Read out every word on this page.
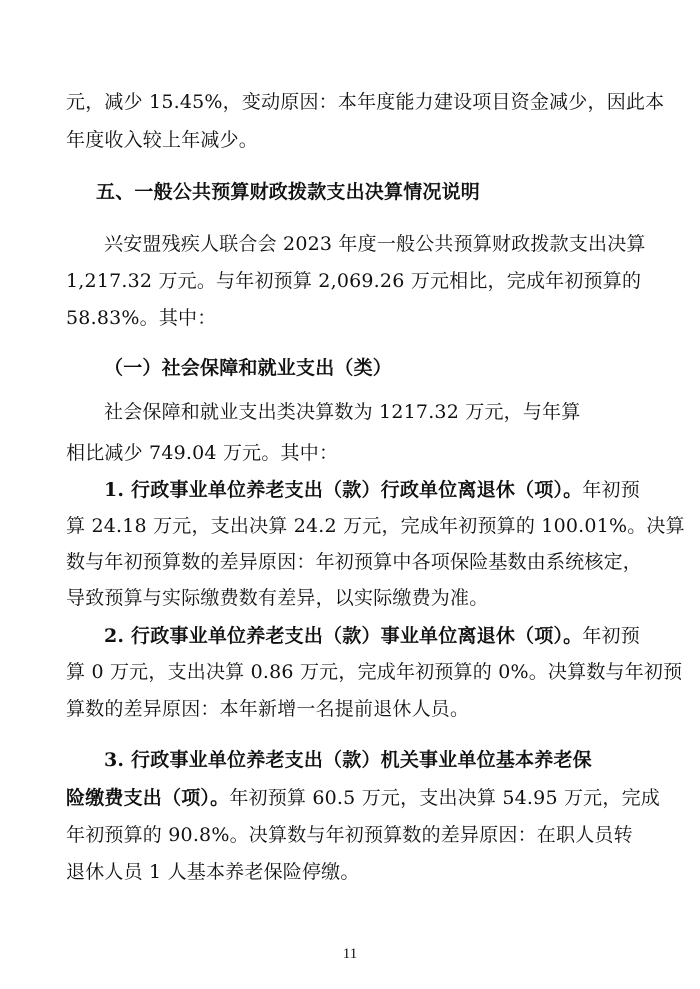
元，减少 15.45%，变动原因：本年度能力建设项目资金减少，因此本
年度收入较上年减少。
五、一般公共预算财政拨款支出决算情况说明
兴安盟残疾人联合会 2023 年度一般公共预算财政拨款支出决算
1,217.32 万元。与年初预算 2,069.26 万元相比，完成年初预算的
58.83%。其中：
（一）社会保障和就业支出（类）
社会保障和就业支出类决算数为 1217.32 万元，与年算
相比减少 749.04 万元。其中：
1. 行政事业单位养老支出（款）行政单位离退休（项）。年初预
算 24.18 万元，支出决算 24.2 万元，完成年初预算的 100.01%。决算
数与年初预算数的差异原因：年初预算中各项保险基数由系统核定，
导致预算与实际缴费数有差异，以实际缴费为准。
2. 行政事业单位养老支出（款）事业单位离退休（项）。年初预
算 0 万元，支出决算 0.86 万元，完成年初预算的 0%。决算数与年初预
算数的差异原因：本年新增一名提前退休人员。
3. 行政事业单位养老支出（款）机关事业单位基本养老保
险缴费支出（项）。年初预算 60.5 万元，支出决算 54.95 万元，完成
年初预算的 90.8%。决算数与年初预算数的差异原因：在职人员转
退休人员 1 人基本养老保险停缴。
11
